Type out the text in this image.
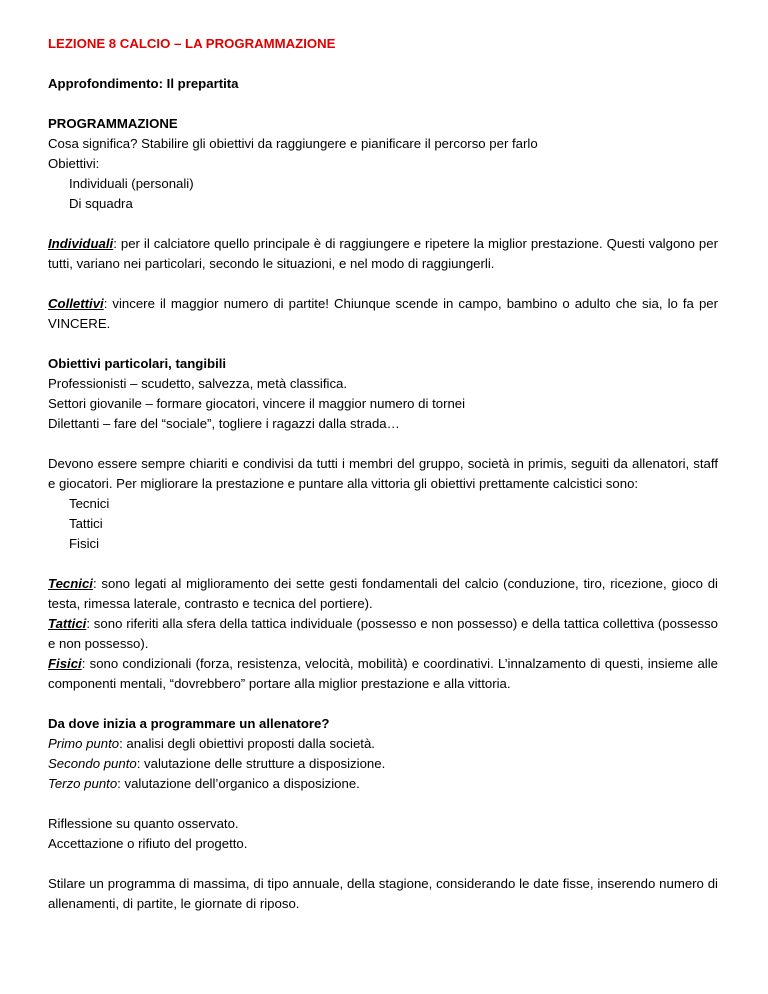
LEZIONE 8 CALCIO – LA PROGRAMMAZIONE

Approfondimento: Il prepartita

PROGRAMMAZIONE

Cosa significa? Stabilire gli obiettivi da raggiungere e pianificare il percorso per farlo

Obiettivi:

Individuali (personali)

Di squadra

Individuali: per il calciatore quello principale è di raggiungere e ripetere la miglior prestazione. Questi valgono per tutti, variano nei particolari, secondo le situazioni, e nel modo di raggiungerli.

Collettivi: vincere il maggior numero di partite! Chiunque scende in campo, bambino o adulto che sia, lo fa per VINCERE.

Obiettivi particolari, tangibili

Professionisti – scudetto, salvezza, metà classifica.

Settori giovanile – formare giocatori, vincere il maggior numero di tornei

Dilettanti – fare del “sociale”, togliere i ragazzi dalla strada…

Devono essere sempre chiariti e condivisi da tutti i membri del gruppo, società in primis, seguiti da allenatori, staff e giocatori. Per migliorare la prestazione e puntare alla vittoria gli obiettivi prettamente calcistici sono:

Tecnici

Tattici

Fisici

Tecnici: sono legati al miglioramento dei sette gesti fondamentali del calcio (conduzione, tiro, ricezione, gioco di testa, rimessa laterale, contrasto e tecnica del portiere).

Tattici: sono riferiti alla sfera della tattica individuale (possesso e non possesso) e della tattica collettiva (possesso e non possesso).

Fisici: sono condizionali (forza, resistenza, velocità, mobilità) e coordinativi. L’innalzamento di questi, insieme alle componenti mentali, “dovrebbero” portare alla miglior prestazione e alla vittoria.

Da dove inizia a programmare un allenatore?

Primo punto: analisi degli obiettivi proposti dalla società.

Secondo punto: valutazione delle strutture a disposizione.

Terzo punto: valutazione dell’organico a disposizione.

Riflessione su quanto osservato.

Accettazione o rifiuto del progetto.

Stilare un programma di massima, di tipo annuale, della stagione, considerando le date fisse, inserendo numero di allenamenti, di partite, le giornate di riposo.
